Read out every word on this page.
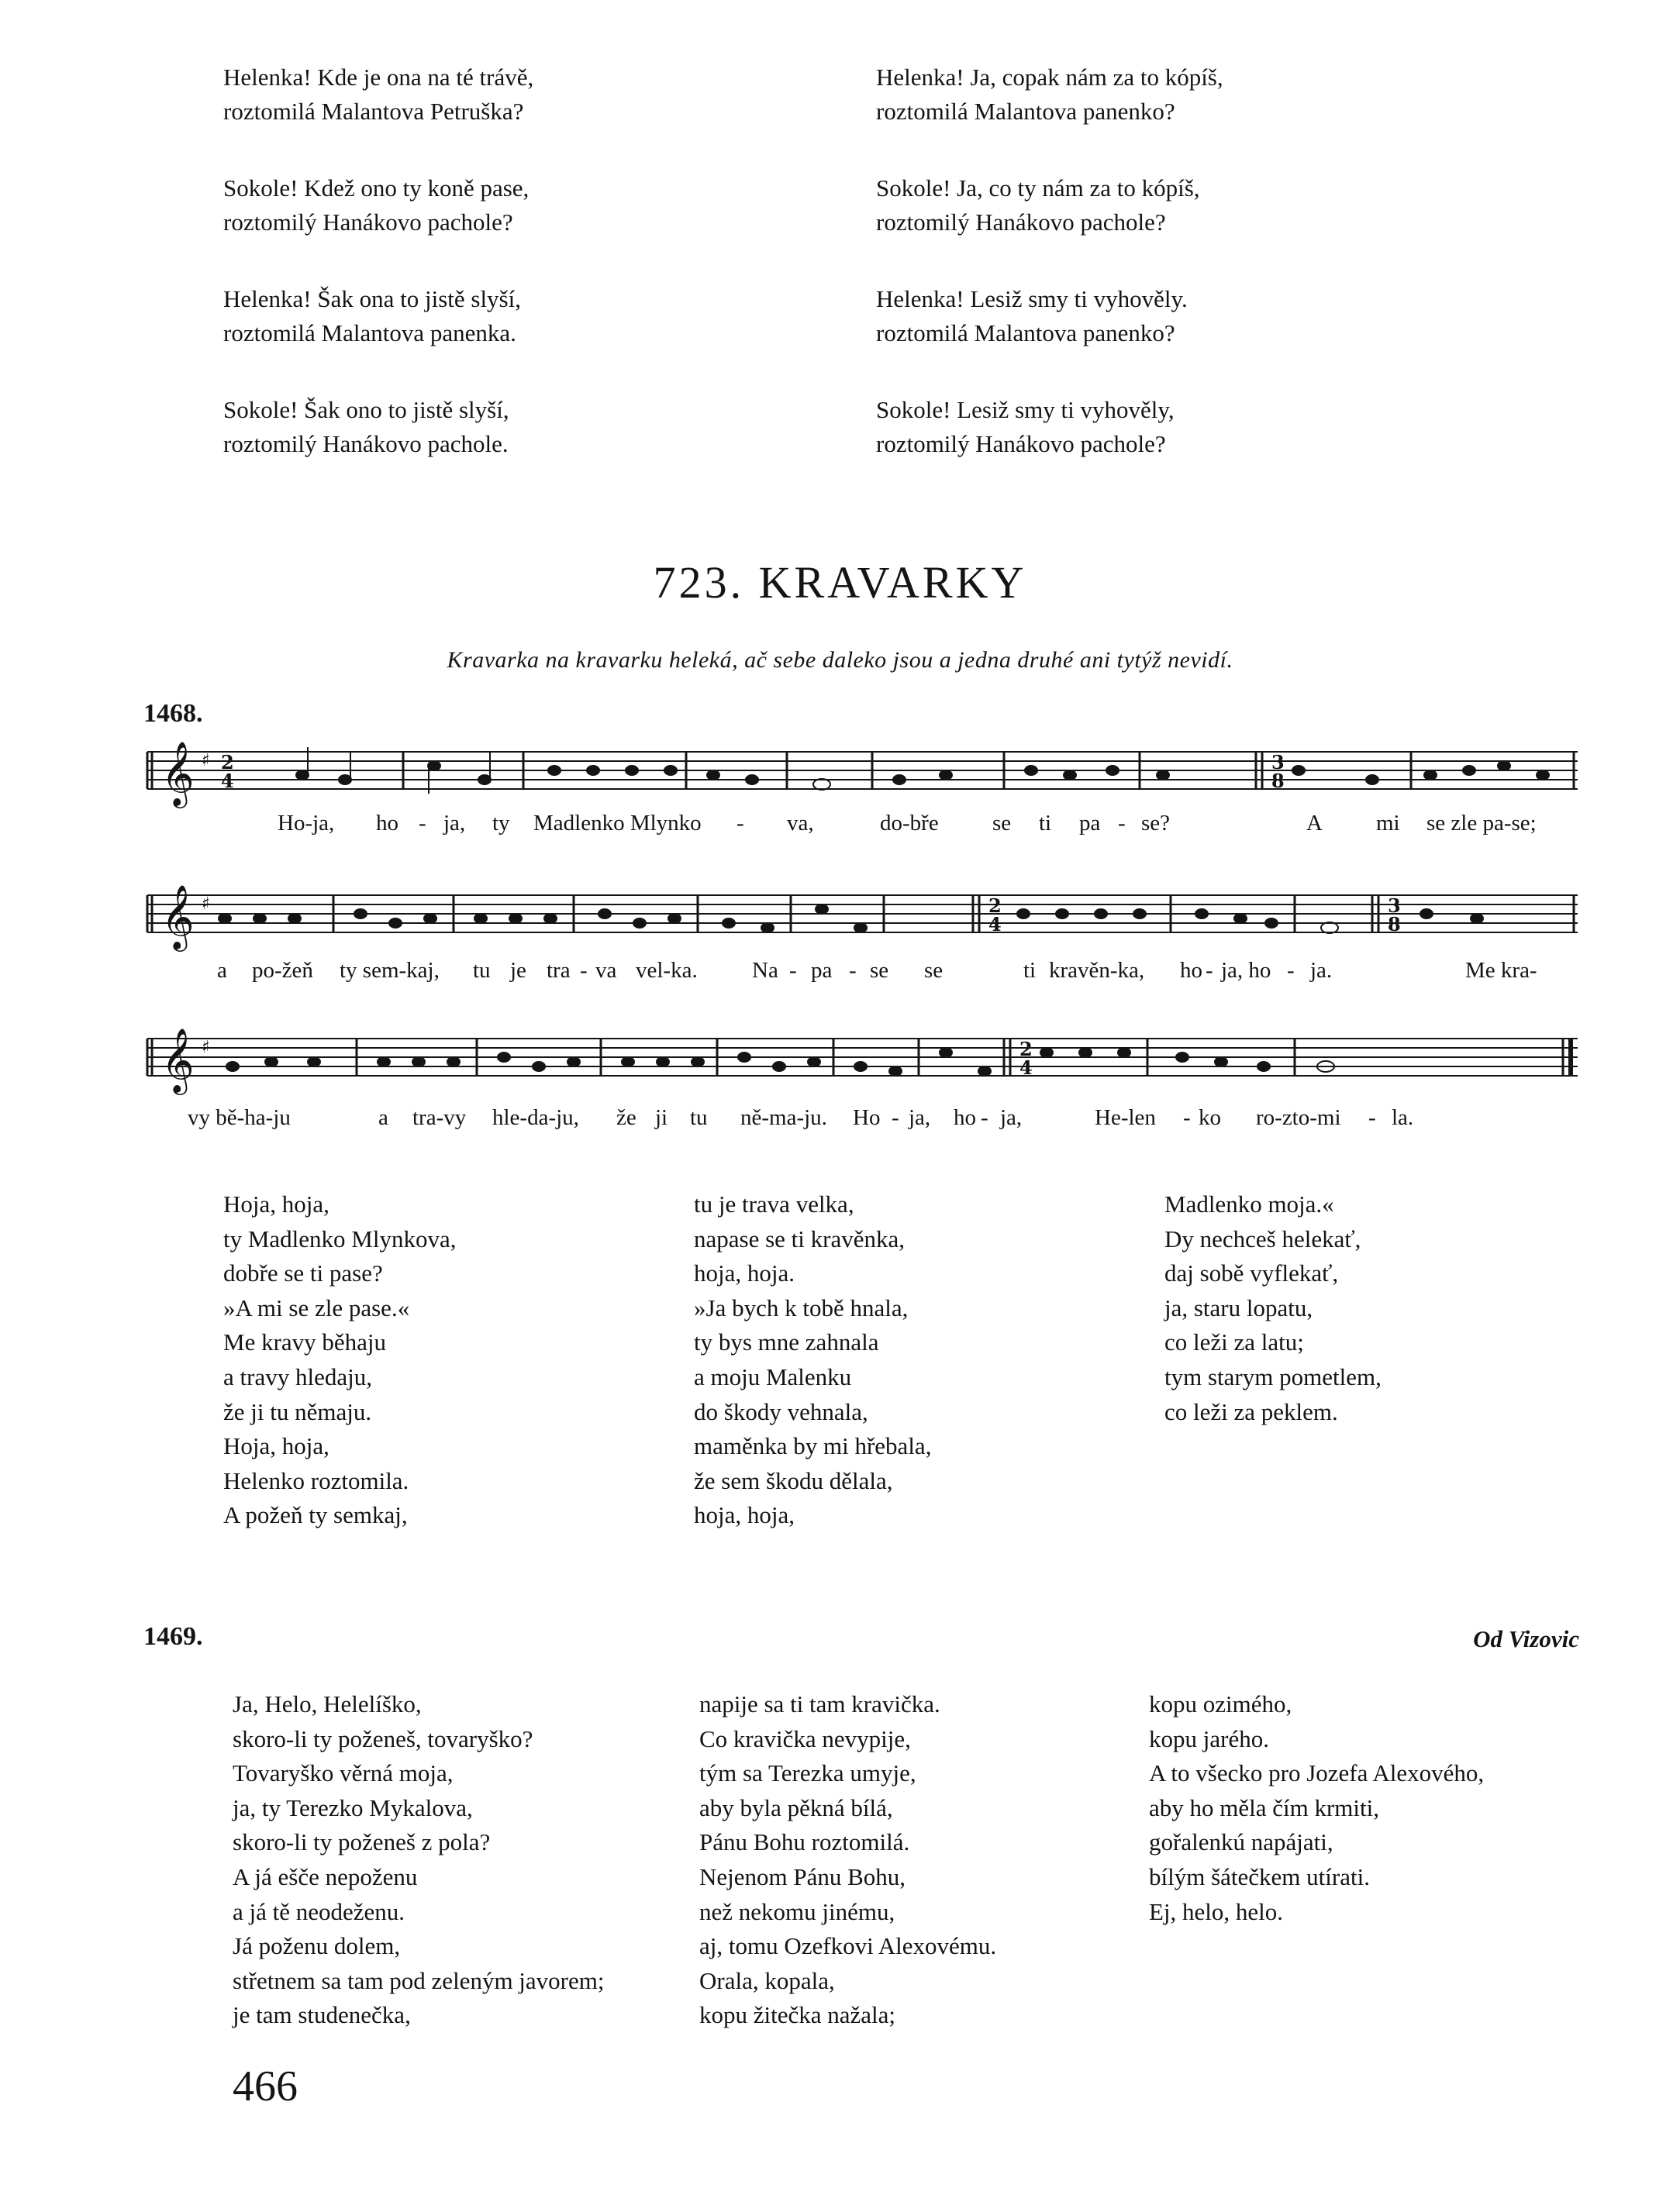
Helenka! Kde je ona na té trávě,
roztomilá Malantova Petruška?

Sokole! Kdež ono ty koně pase,
roztomilý Hanákovo pachole?

Helenka! Šak ona to jistě slyší,
roztomilá Malantova panenka.

Sokole! Šak ono to jistě slyší,
roztomilý Hanákovo pachole.

Helenka! Ja, copak nám za to kópíš,
roztomilá Malantova panenko?

Sokole! Ja, co ty nám za to kópíš,
roztomilý Hanákovo pachole?

Helenka! Lesiž smy ti vyhověly.
roztomilá Malantova panenko?

Sokole! Lesiž smy ti vyhověly,
roztomilý Hanákovo pachole?

723. KRAVARKY

Kravarka na kravarku heleká, ač sebe daleko jsou a jedna druhé ani tytýž nevidí.

1468.
𝄞 ♯ 2
4
3
8
Ho-ja, ho - ja, ty Madlenko Mlynko - va,	do-bře se ti pa - se?	A mi se zle pa-se;
𝄞 ♯	2
4
3
8
a po-žeň ty sem-kaj, tu je tra - va vel-ka. Na - pa - se se	ti kravěn-ka, ho - ja, ho - ja.	Me kra-
𝄞 ♯	2
4
vy bě-ha-ju	a tra-vy hle-da-ju, že ji tu ně-ma-ju. Ho - ja, ho - ja,	He-len - ko ro-zto-mi - la.
Hoja, hoja,
ty Madlenko Mlynkova,
dobře se ti pase?
»A mi se zle pase.«
Me kravy běhaju
a travy hledaju,
že ji tu němaju.
Hoja, hoja,
Helenko roztomila.
A požeň ty semkaj,
tu je trava velka,
napase se ti kravěnka,
hoja, hoja.
»Ja bych k tobě hnala,
ty bys mne zahnala
a moju Malenku
do škody vehnala,
maměnka by mi hřebala,
že sem škodu dělala,
hoja, hoja,
Madlenko moja.«
Dy nechceš helekať,
daj sobě vyflekať,
ja, staru lopatu,
co leži za latu;
tym starym pometlem,
co leži za peklem.
1469.	Od Vizovic
Ja, Helo, Helelíško,
skoro-li ty poženeš, tovaryško?
Tovaryško věrná moja,
ja, ty Terezko Mykalova,
skoro-li ty poženeš z pola?
A já ešče nepoženu
a já tě neodeženu.
Já poženu dolem,
střetnem sa tam pod zeleným javorem;
je tam studenečka,
napije sa ti tam kravička.
Co kravička nevypije,
tým sa Terezka umyje,
aby byla pěkná bílá,
Pánu Bohu roztomilá.
Nejenom Pánu Bohu,
než nekomu jinému,
aj, tomu Ozefkovi Alexovému.
Orala, kopala,
kopu žitečka nažala;
kopu ozimého,
kopu jarého.
A to všecko pro Jozefa Alexového,
aby ho měla čím krmiti,
gořalenkú napájati,
bílým šátečkem utírati.
Ej, helo, helo.
466
